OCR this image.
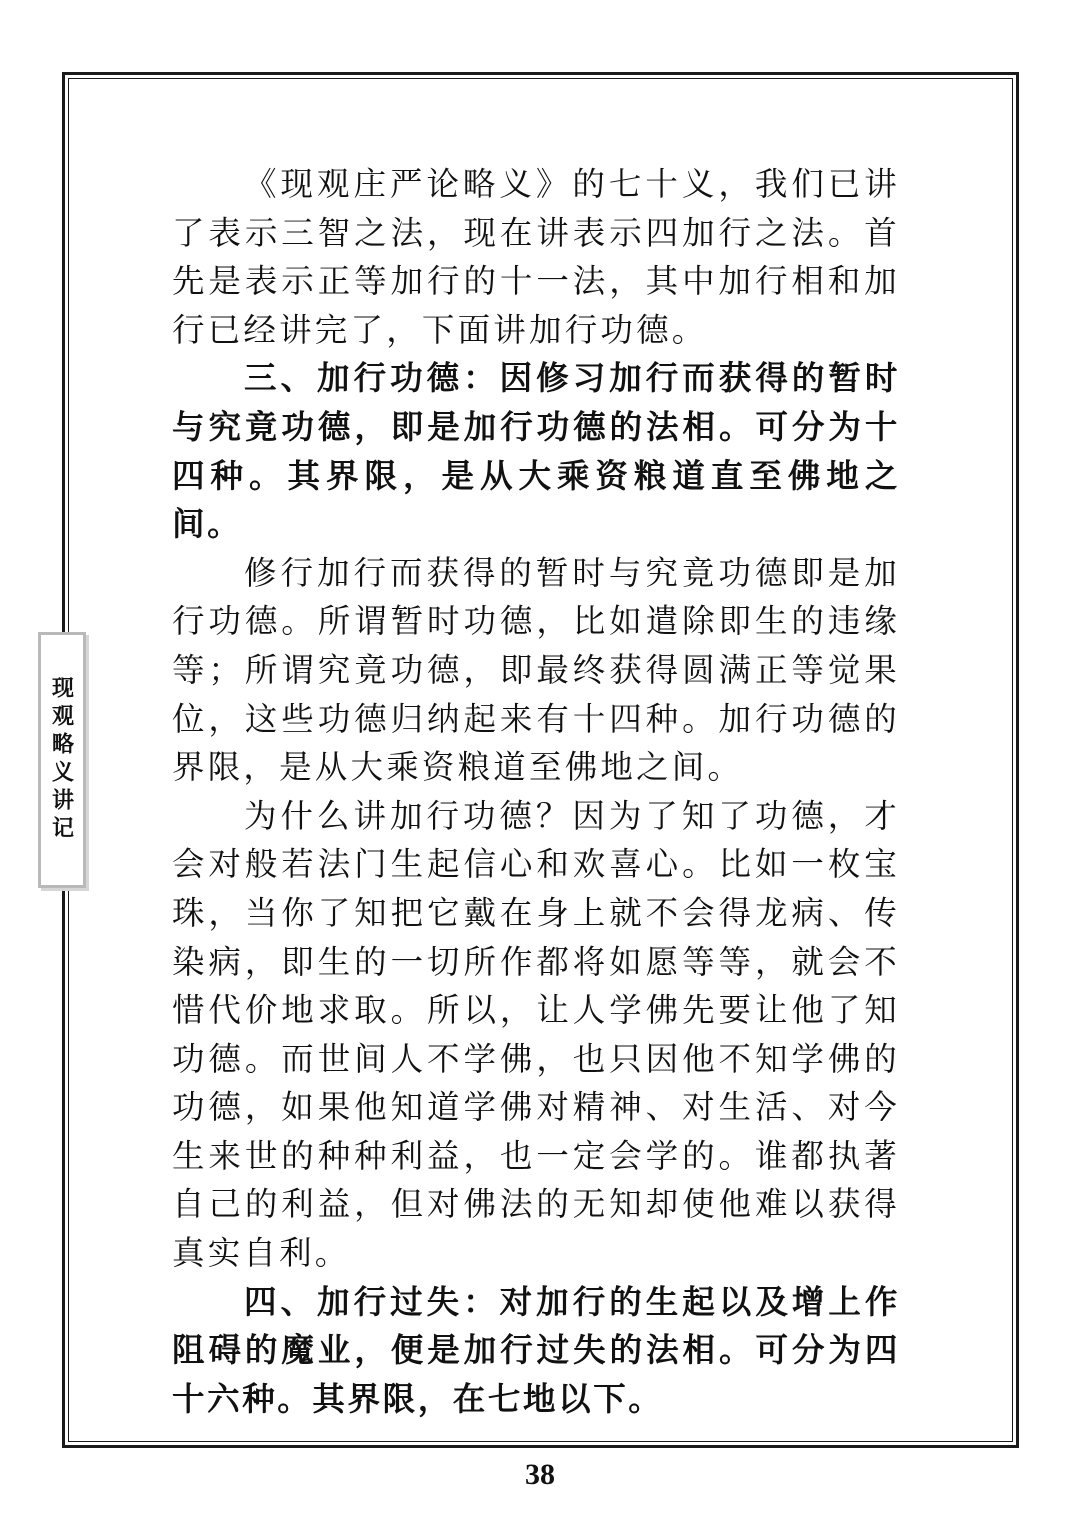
现观略义讲记

《现观庄严论略义》的七十义，我们已讲了表示三智之法，现在讲表示四加行之法。首先是表示正等加行的十一法，其中加行相和加行已经讲完了，下面讲加行功德。

三、加行功德：因修习加行而获得的暂时与究竟功德，即是加行功德的法相。可分为十四种。其界限，是从大乘资粮道直至佛地之间。

修行加行而获得的暂时与究竟功德即是加行功德。所谓暂时功德，比如遣除即生的违缘等；所谓究竟功德，即最终获得圆满正等觉果位，这些功德归纳起来有十四种。加行功德的界限，是从大乘资粮道至佛地之间。

为什么讲加行功德？因为了知了功德，才会对般若法门生起信心和欢喜心。比如一枚宝珠，当你了知把它戴在身上就不会得龙病、传染病，即生的一切所作都将如愿等等，就会不惜代价地求取。所以，让人学佛先要让他了知功德。而世间人不学佛，也只因他不知学佛的功德，如果他知道学佛对精神、对生活、对今生来世的种种利益，也一定会学的。谁都执著自己的利益，但对佛法的无知却使他难以获得真实自利。

四、加行过失：对加行的生起以及增上作阻碍的魔业，便是加行过失的法相。可分为四十六种。其界限，在七地以下。

38
